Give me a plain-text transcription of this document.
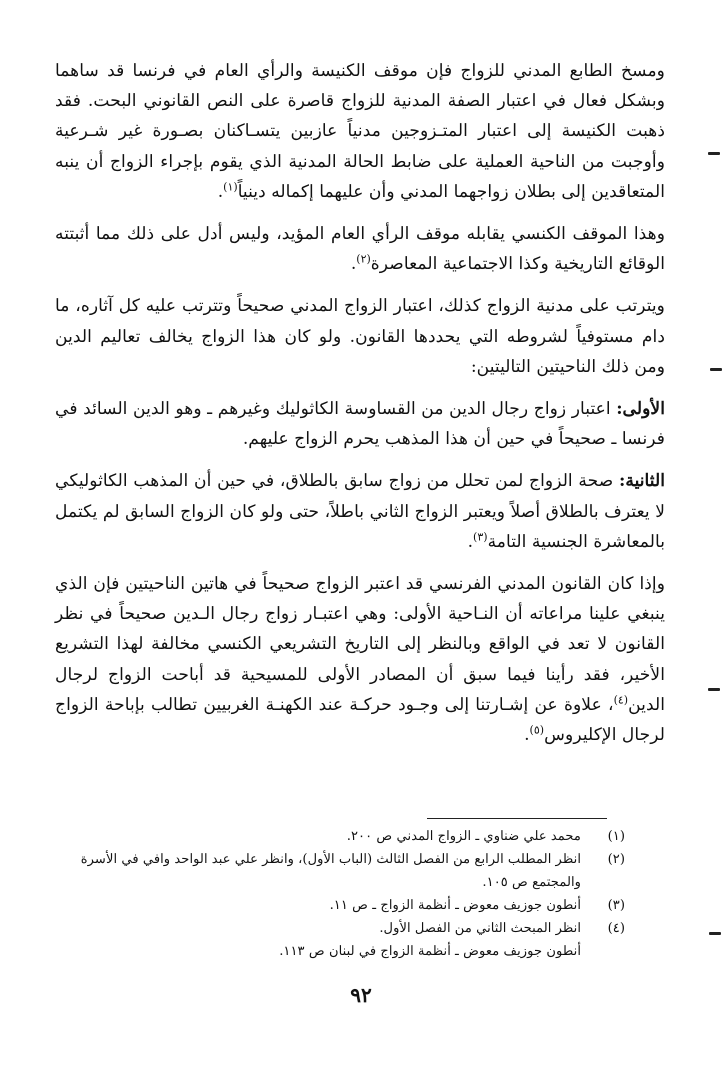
ومسخ الطابع المدني للزواج فإن موقف الكنيسة والرأي العام في فرنسا قد ساهما وبشكل فعال في اعتبار الصفة المدنية للزواج قاصرة على النص القانوني البحت. فقد ذهبت الكنيسة إلى اعتبار المتـزوجين مدنياً عازبين يتسـاكنان بصـورة غير شـرعية وأوجبت من الناحية العملية على ضابط الحالة المدنية الذي يقوم بإجراء الزواج أن ينبه المتعاقدين إلى بطلان زواجهما المدني وأن عليهما إكماله دينياً$^{(١)}$.

وهذا الموقف الكنسي يقابله موقف الرأي العام المؤيد، وليس أدل على ذلك مما أثبتته الوقائع التاريخية وكذا الاجتماعية المعاصرة$^{(٢)}$.

ويترتب على مدنية الزواج كذلك، اعتبار الزواج المدني صحيحاً وتترتب عليه كل آثاره، ما دام مستوفياً لشروطه التي يحددها القانون. ولو كان هذا الزواج يخالف تعاليم الدين ومن ذلك الناحيتين التاليتين:

الأولى: اعتبار زواج رجال الدين من القساوسة الكاثوليك وغيرهم ـ وهو الدين السائد في فرنسا ـ صحيحاً في حين أن هذا المذهب يحرم الزواج عليهم.

الثانية: صحة الزواج لمن تحلل من زواج سابق بالطلاق، في حين أن المذهب الكاثوليكي لا يعترف بالطلاق أصلاً ويعتبر الزواج الثاني باطلاً، حتى ولو كان الزواج السابق لم يكتمل بالمعاشرة الجنسية التامة$^{(٣)}$.

وإذا كان القانون المدني الفرنسي قد اعتبر الزواج صحيحاً في هاتين الناحيتين فإن الذي ينبغي علينا مراعاته أن النـاحية الأولى: وهي اعتبـار زواج رجال الـدين صحيحاً في نظر القانون لا تعد في الواقع وبالنظر إلى التاريخ التشريعي الكنسي مخالفة لهذا التشريع الأخير، فقد رأينا فيما سبق أن المصادر الأولى للمسيحية قد أباحت الزواج لرجال الدين$^{(٤)}$، علاوة عن إشـارتنا إلى وجـود حركـة عند الكهنـة الغربيين تطالب بإباحة الزواج لرجال الإكليروس$^{(٥)}$.

(١)
محمد علي ضناوي ـ الزواج المدني ص ٢٠٠.
(٢)
انظر المطلب الرابع من الفصل الثالث (الباب الأول)، وانظر علي عبد الواحد وافي في الأسرة والمجتمع ص ١٠٥.
(٣)
أنطون جوزيف معوض ـ أنظمة الزواج ـ ص ١١.
(٤)
انظر المبحث الثاني من الفصل الأول.
أنطون جوزيف معوض ـ أنظمة الزواج في لبنان ص ١١٣.
٩٢
